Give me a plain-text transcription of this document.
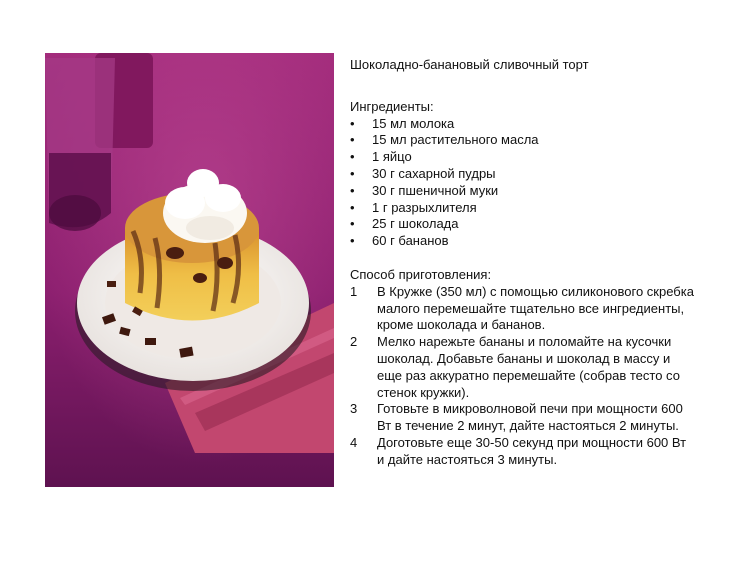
Шоколадно-банановый сливочный торт
Ингредиенты:
• 15 мл молока
• 15 мл растительного масла
• 1 яйцо
• 30 г сахарной пудры
• 30 г пшеничной муки
• 1 г разрыхлителя
• 25 г шоколада
• 60 г бананов
Способ приготовления:
1 В Кружке (350 мл) с помощью силиконового скребка малого перемешайте тщательно все ингредиенты, кроме шоколада и бананов.
2 Мелко нарежьте бананы и поломайте на кусочки шоколад. Добавьте бананы и шоколад в массу и еще раз аккуратно перемешайте (собрав тесто со стенок кружки).
3 Готовьте в микроволновой печи при мощности 600 Вт в течение 2 минут, дайте настояться 2 минуты.
4 Доготовьте еще 30-50 секунд при мощности 600 Вт и дайте настояться 3 минуты.
